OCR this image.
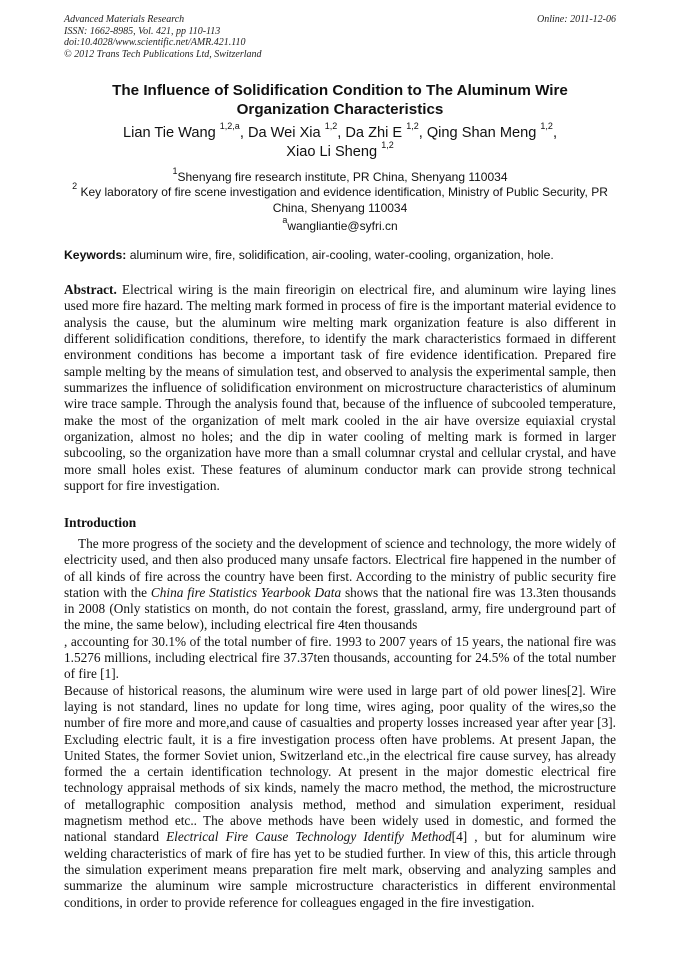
Advanced Materials Research
ISSN: 1662-8985, Vol. 421, pp 110-113
doi:10.4028/www.scientific.net/AMR.421.110
© 2012 Trans Tech Publications Ltd, Switzerland
Online: 2011-12-06
The Influence of Solidification Condition to The Aluminum Wire
Organization Characteristics
Lian Tie Wang $^{1,2,a}$, Da Wei Xia $^{1,2}$, Da Zhi E $^{1,2}$, Qing Shan Meng $^{1,2}$,
Xiao Li Sheng $^{1,2}$
$^1$Shenyang fire research institute, PR China, Shenyang 110034
$^2$ Key laboratory of fire scene investigation and evidence identification, Ministry of Public Security, PR China, Shenyang 110034
$^a$wangliantie@syfri.cn
Keywords: aluminum wire, fire, solidification, air-cooling, water-cooling, organization, hole.
Abstract. Electrical wiring is the main fireorigin on electrical fire, and aluminum wire laying lines used more fire hazard. The melting mark formed in process of fire is the important material evidence to analysis the cause, but the aluminum wire melting mark organization feature is also different in different solidification conditions, therefore, to identify the mark characteristics formaed in different environment conditions has become a important task of fire evidence identification. Prepared fire sample melting by the means of simulation test, and observed to analysis the experimental sample, then summarizes the influence of solidification environment on microstructure characteristics of aluminum wire trace sample. Through the analysis found that, because of the influence of subcooled temperature, make the most of the organization of melt mark cooled in the air have oversize equiaxial crystal organization, almost no holes; and the dip in water cooling of melting mark is formed in larger subcooling, so the organization have more than a small columnar crystal and cellular crystal, and have more small holes exist. These features of aluminum conductor mark can provide strong technical support for fire investigation.
Introduction

The more progress of the society and the development of science and technology, the more widely of electricity used, and then also produced many unsafe factors. Electrical fire happened in the number of of all kinds of fire across the country have been first. According to the ministry of public security fire station with the China fire Statistics Yearbook Data shows that the national fire was 13.3ten thousands in 2008 (Only statistics on month, do not contain the forest, grassland, army, fire underground part of the mine, the same below), including electrical fire 4ten thousands

, accounting for 30.1% of the total number of fire. 1993 to 2007 years of 15 years, the national fire was 1.5276 millions, including electrical fire 37.37ten thousands, accounting for 24.5% of the total number of fire [1].

Because of historical reasons, the aluminum wire were used in large part of old power lines[2]. Wire laying is not standard, lines no update for long time, wires aging, poor quality of the wires,so the number of fire more and more,and cause of casualties and property losses increased year after year [3]. Excluding electric fault, it is a fire investigation process often have problems. At present Japan, the United States, the former Soviet union, Switzerland etc.,in the electrical fire cause survey, has already formed the a certain identification technology. At present in the major domestic electrical fire technology appraisal methods of six kinds, namely the macro method, the method, the microstructure of metallographic composition analysis method, method and simulation experiment, residual magnetism method etc.. The above methods have been widely used in domestic, and formed the national standard Electrical Fire Cause Technology Identify Method[4] , but for aluminum wire welding characteristics of mark of fire has yet to be studied further. In view of this, this article through the simulation experiment means preparation fire melt mark, observing and analyzing samples and summarize the aluminum wire sample microstructure characteristics in different environmental conditions, in order to provide reference for colleagues engaged in the fire investigation.
